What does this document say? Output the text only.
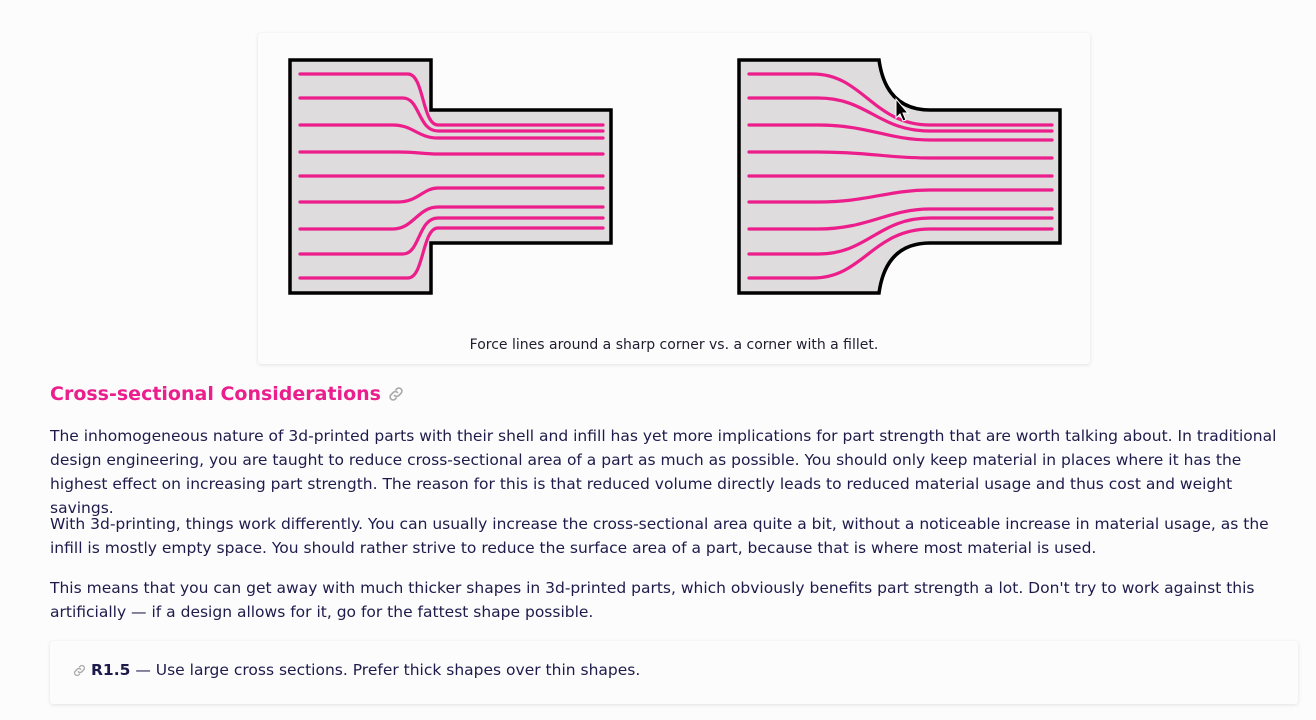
Force lines around a sharp corner vs. a corner with a fillet.
Cross-sectional Considerations

The inhomogeneous nature of 3d-printed parts with their shell and infill has yet more implications for part strength that are worth talking about. In traditional design engineering, you are taught to reduce cross-sectional area of a part as much as possible. You should only keep material in places where it has the highest effect on increasing part strength. The reason for this is that reduced volume directly leads to reduced material usage and thus cost and weight savings.

With 3d-printing, things work differently. You can usually increase the cross-sectional area quite a bit, without a noticeable increase in material usage, as the infill is mostly empty space. You should rather strive to reduce the surface area of a part, because that is where most material is used.

This means that you can get away with much thicker shapes in 3d-printed parts, which obviously benefits part strength a lot. Don't try to work against this artificially — if a design allows for it, go for the fattest shape possible.

R1.5 — Use large cross sections. Prefer thick shapes over thin shapes.
